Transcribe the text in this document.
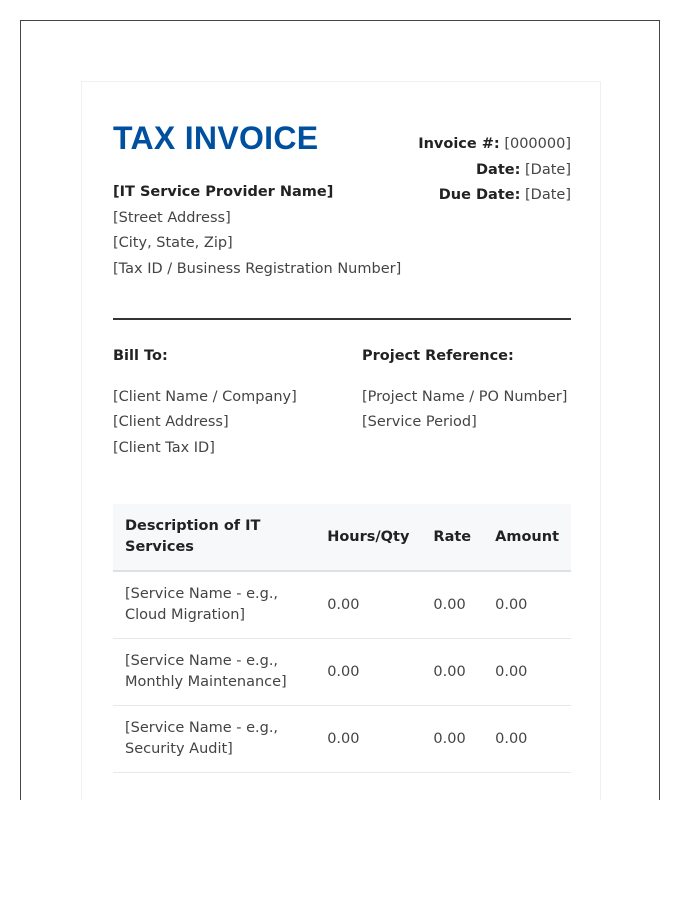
TAX INVOICE	Invoice #: [000000]
Date: [Date]
Due Date: [Date]
[IT Service Provider Name]
[Street Address]
[City, State, Zip]
[Tax ID / Business Registration Number]
Bill To:
[Client Name / Company]
[Client Address]
[Client Tax ID]
Project Reference:
[Project Name / PO Number]
[Service Period]
Description of IT Services	Hours/Qty	Rate	Amount
[Service Name - e.g., Cloud Migration]	0.00	0.00	0.00
[Service Name - e.g., Monthly Maintenance]	0.00	0.00	0.00
[Service Name - e.g., Security Audit]	0.00	0.00	0.00
